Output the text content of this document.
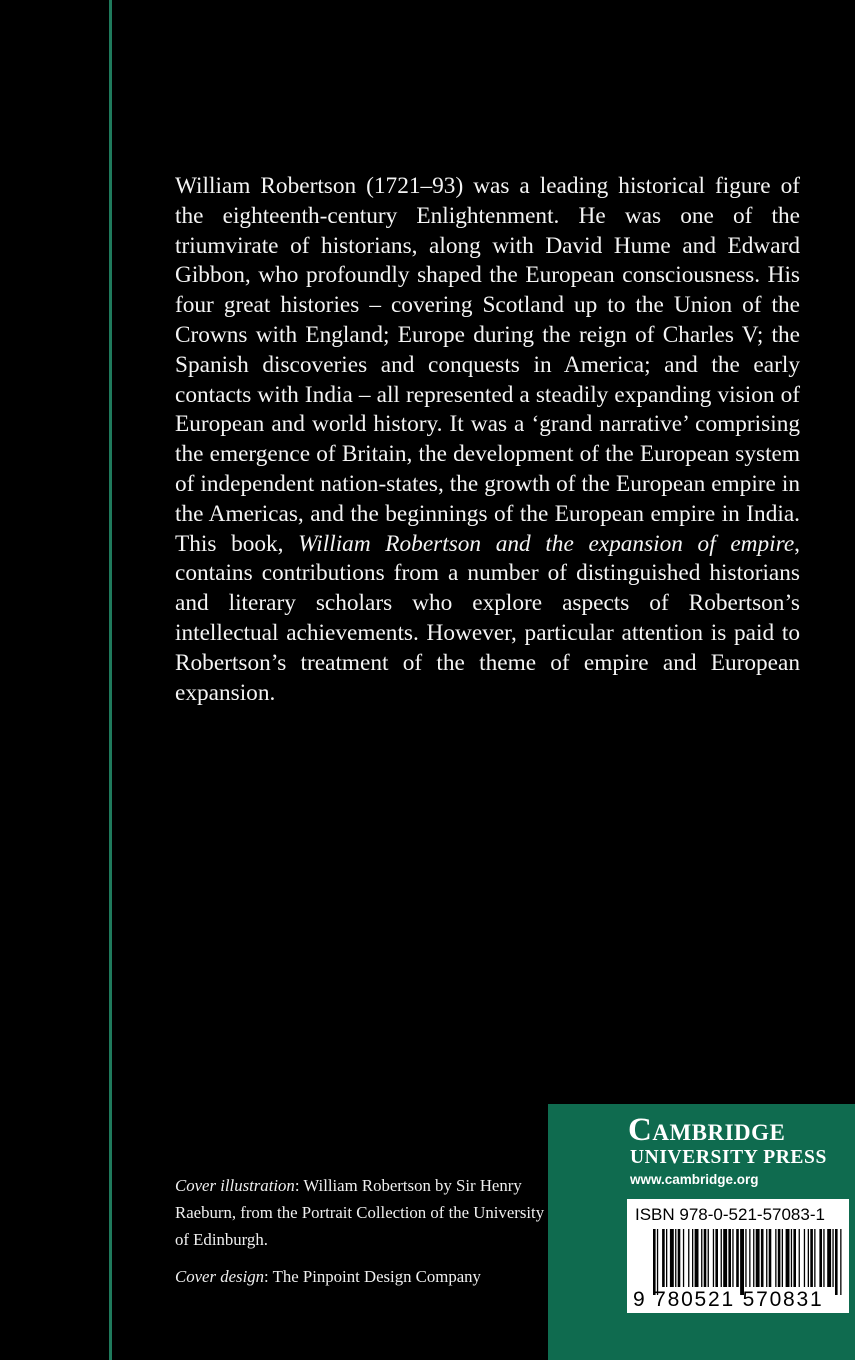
William Robertson (1721–93) was a leading historical figure of the eighteenth-century Enlightenment. He was one of the triumvirate of historians, along with David Hume and Edward Gibbon, who profoundly shaped the European consciousness. His four great histories – covering Scotland up to the Union of the Crowns with England; Europe during the reign of Charles V; the Spanish discoveries and conquests in America; and the early contacts with India – all represented a steadily expanding vision of European and world history. It was a ‘grand narrative’ comprising the emergence of Britain, the development of the European system of independent nation-states, the growth of the European empire in the Americas, and the beginnings of the European empire in India. This book, William Robertson and the expansion of empire, contains contributions from a number of distinguished historians and literary scholars who explore aspects of Robertson’s intellectual achievements. However, particular attention is paid to Robertson’s treatment of the theme of empire and European expansion.

Cover illustration: William Robertson by Sir Henry Raeburn, from the Portrait Collection of the University of Edinburgh.

Cover design: The Pinpoint Design Company

Cambridge
UNIVERSITY PRESS
www.cambridge.org
ISBN 978-0-521-57083-1
9 780521 570831
